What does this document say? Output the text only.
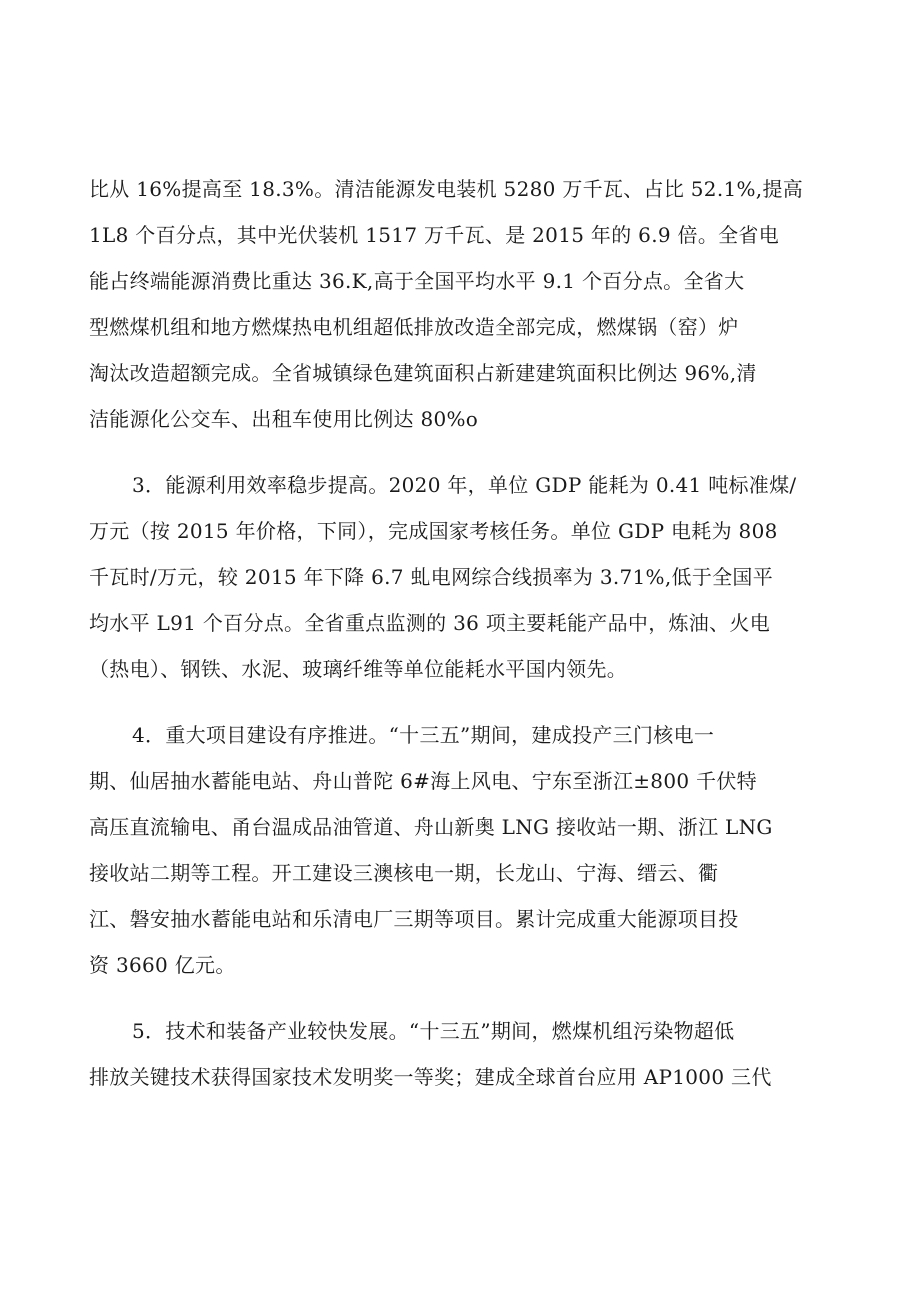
比从 16%提高至 18.3%。清洁能源发电装机 5280 万千瓦、占比 52.1%,提高
1L8 个百分点，其中光伏装机 1517 万千瓦、是 2015 年的 6.9 倍。全省电
能占终端能源消费比重达 36.K,高于全国平均水平 9.1 个百分点。全省大
型燃煤机组和地方燃煤热电机组超低排放改造全部完成，燃煤锅（窑）炉
淘汰改造超额完成。全省城镇绿色建筑面积占新建建筑面积比例达 96%,清
洁能源化公交车、出租车使用比例达 80%o
3．能源利用效率稳步提高。2020 年，单位 GDP 能耗为 0.41 吨标准煤/
万元（按 2015 年价格，下同），完成国家考核任务。单位 GDP 电耗为 808
千瓦时/万元，较 2015 年下降 6.7 虬电网综合线损率为 3.71%,低于全国平
均水平 L91 个百分点。全省重点监测的 36 项主要耗能产品中，炼油、火电
（热电）、钢铁、水泥、玻璃纤维等单位能耗水平国内领先。
4．重大项目建设有序推进。“十三五”期间，建成投产三门核电一
期、仙居抽水蓄能电站、舟山普陀 6#海上风电、宁东至浙江±800 千伏特
高压直流输电、甬台温成品油管道、舟山新奥 LNG 接收站一期、浙江 LNG
接收站二期等工程。开工建设三澳核电一期，长龙山、宁海、缙云、衢
江、磐安抽水蓄能电站和乐清电厂三期等项目。累计完成重大能源项目投
资 3660 亿元。
5．技术和装备产业较快发展。“十三五”期间，燃煤机组污染物超低
排放关键技术获得国家技术发明奖一等奖；建成全球首台应用 AP1000 三代
